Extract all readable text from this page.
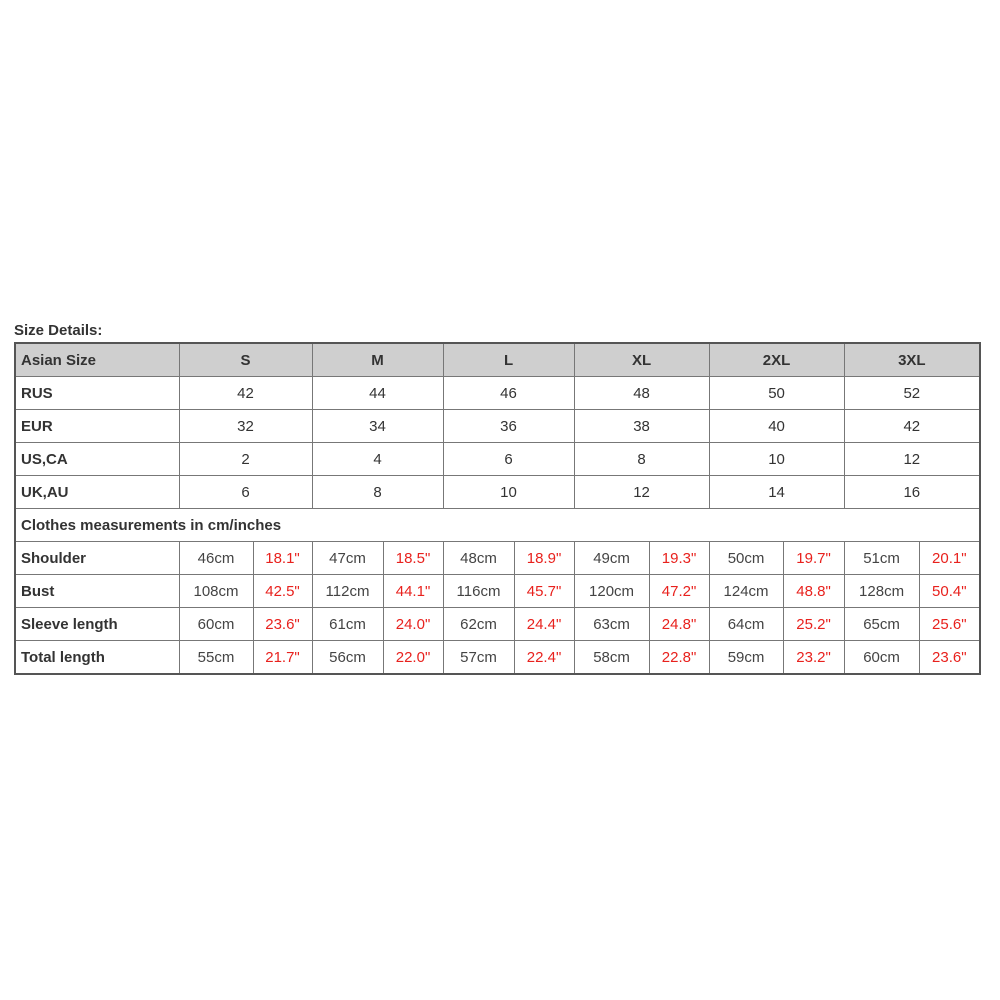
Size Details:
Asian Size	S		M		L		XL		2XL		3XL	
RUS	42		44		46		48		50		52	
EUR	32		34		36		38		40		42	
US,CA	2		4		6		8		10		12	
UK,AU	6		8		10		12		14		16	
Clothes measurements in cm/inches												
Shoulder	46cm	18.1"	47cm	18.5"	48cm	18.9"	49cm	19.3"	50cm	19.7"	51cm	20.1"
Bust	108cm	42.5"	112cm	44.1"	116cm	45.7"	120cm	47.2"	124cm	48.8"	128cm	50.4"
Sleeve length	60cm	23.6"	61cm	24.0"	62cm	24.4"	63cm	24.8"	64cm	25.2"	65cm	25.6"
Total length	55cm	21.7"	56cm	22.0"	57cm	22.4"	58cm	22.8"	59cm	23.2"	60cm	23.6"
